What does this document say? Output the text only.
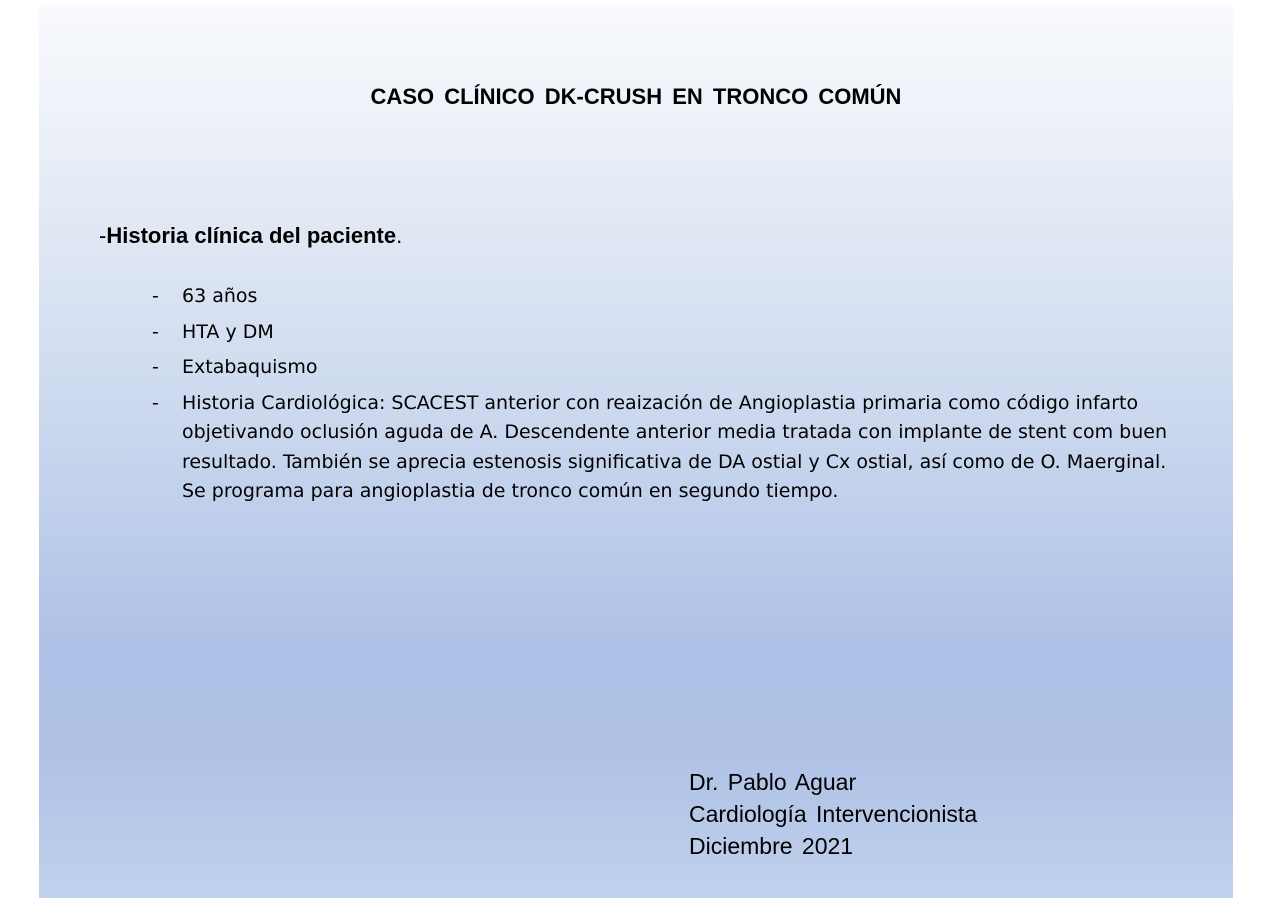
CASO CLÍNICO DK-CRUSH EN TRONCO COMÚN

-Historia clínica del paciente.

- 63 años
- HTA y DM
- Extabaquismo
- Historia Cardiológica: SCACEST anterior con reaización de Angioplastia primaria como código infarto objetivando oclusión aguda de A. Descendente anterior media tratada con implante de stent com buen resultado. También se aprecia estenosis significativa de DA ostial y Cx ostial, así como de O. Maerginal. Se programa para angioplastia de tronco común en segundo tiempo.
Dr. Pablo Aguar
Cardiología Intervencionista
Diciembre 2021
